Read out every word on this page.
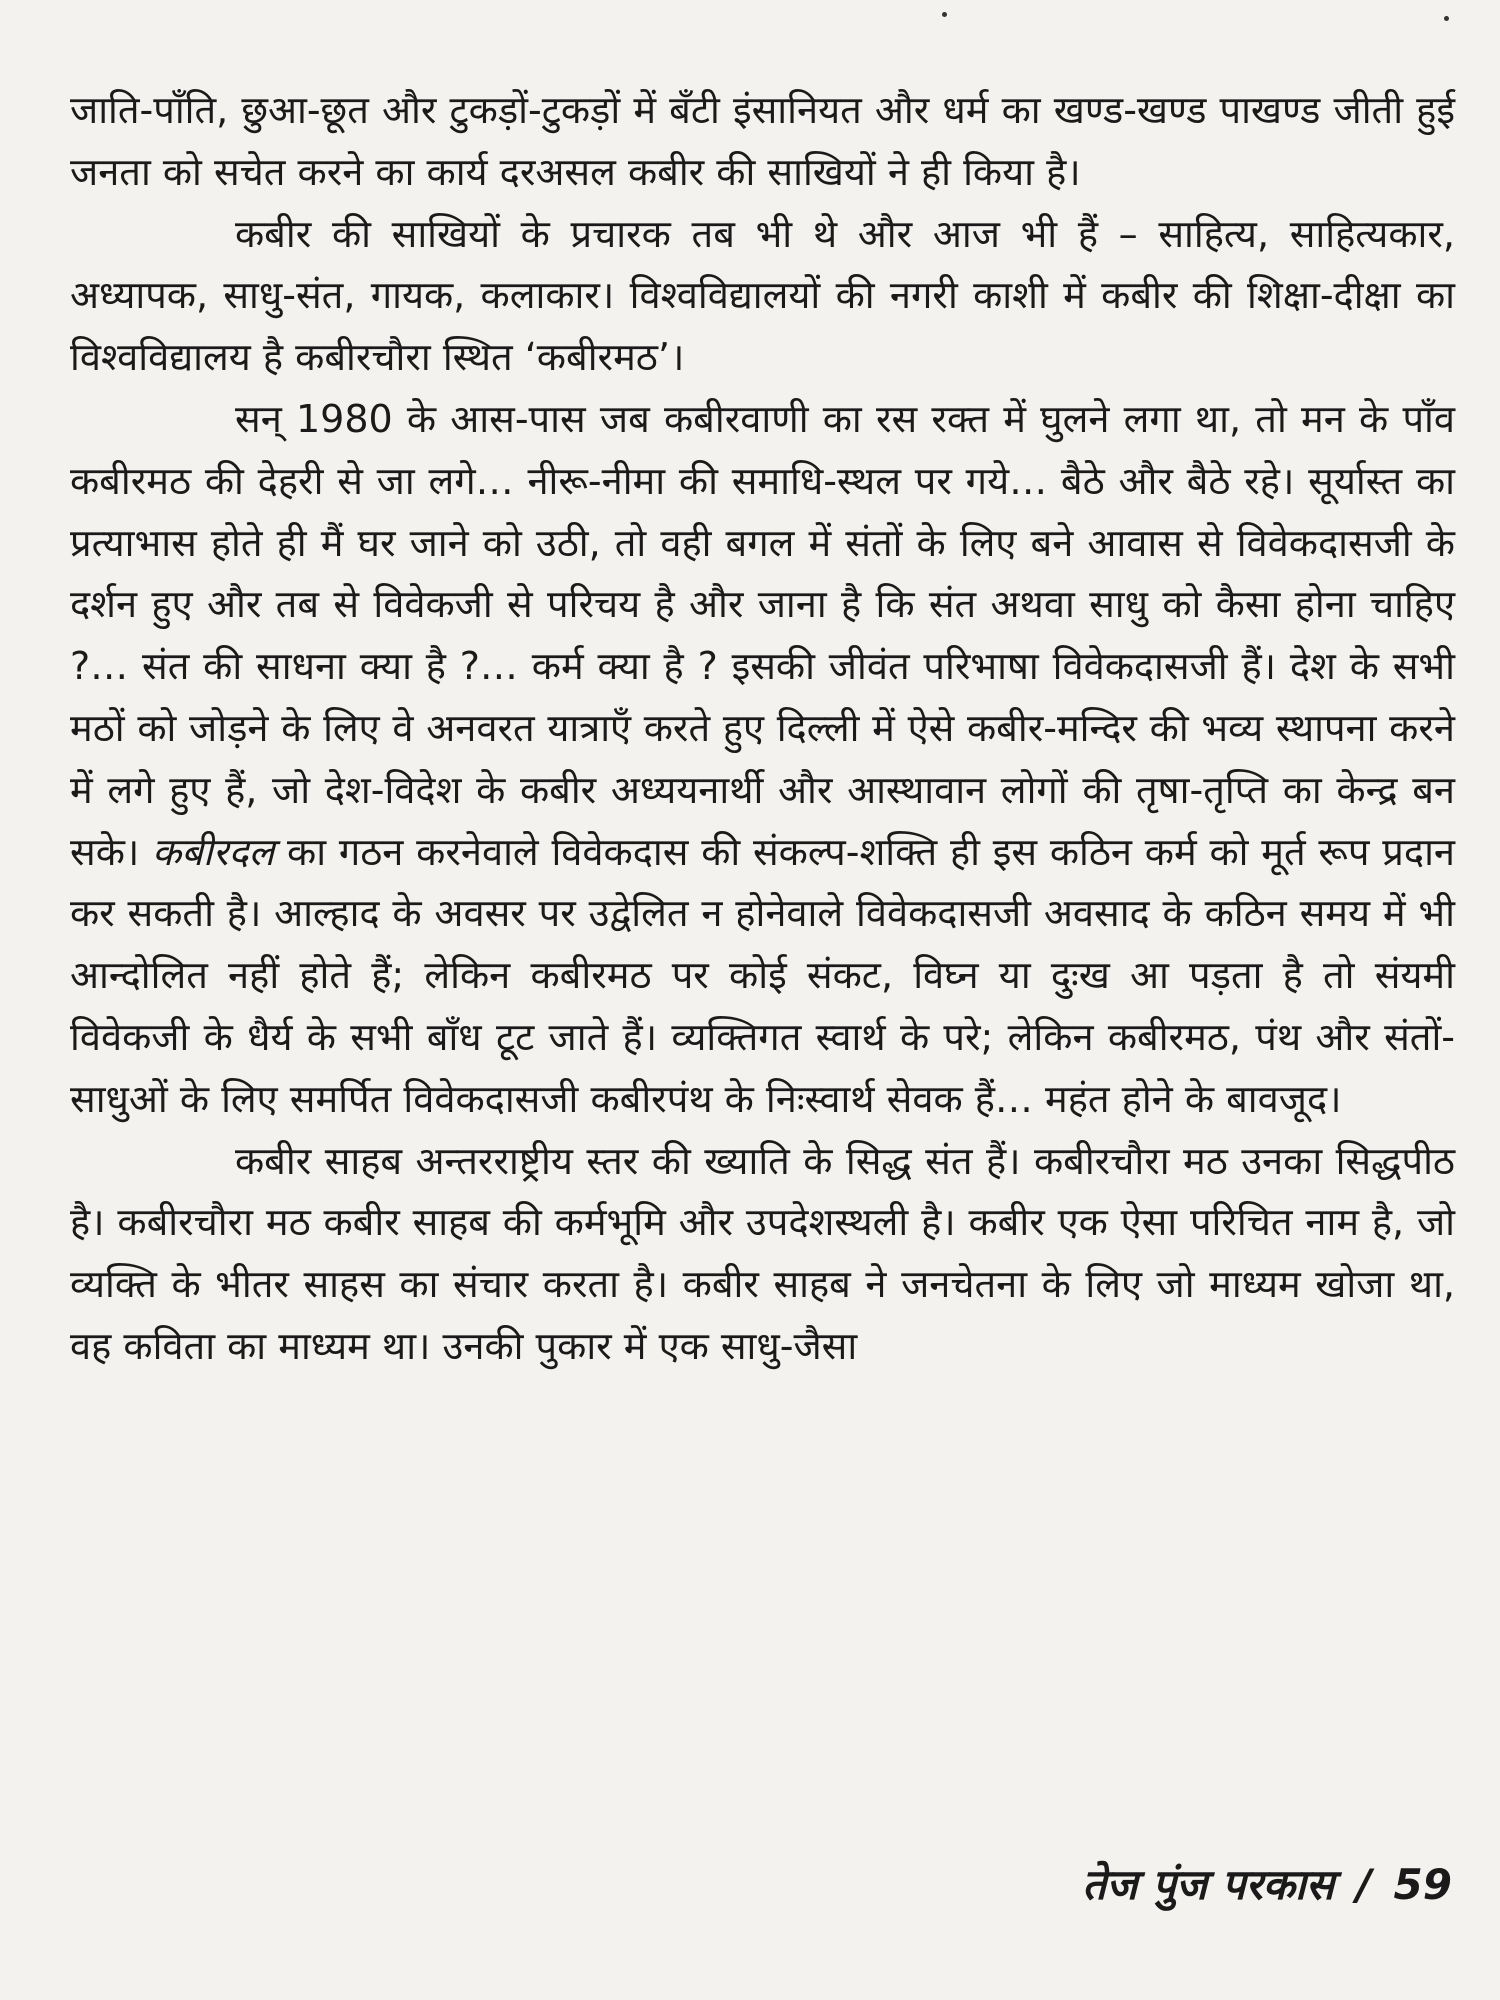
जाति-पाँति, छुआ-छूत और टुकड़ों-टुकड़ों में बँटी इंसानियत और धर्म का खण्ड-खण्ड पाखण्ड जीती हुई जनता को सचेत करने का कार्य दरअसल कबीर की साखियों ने ही किया है।

कबीर की साखियों के प्रचारक तब भी थे और आज भी हैं – साहित्य, साहित्यकार, अध्यापक, साधु-संत, गायक, कलाकार। विश्वविद्यालयों की नगरी काशी में कबीर की शिक्षा-दीक्षा का विश्वविद्यालय है कबीरचौरा स्थित ‘कबीरमठ’।

सन् 1980 के आस-पास जब कबीरवाणी का रस रक्त में घुलने लगा था, तो मन के पाँव कबीरमठ की देहरी से जा लगे… नीरू-नीमा की समाधि-स्थल पर गये… बैठे और बैठे रहे। सूर्यास्त का प्रत्याभास होते ही मैं घर जाने को उठी, तो वही बगल में संतों के लिए बने आवास से विवेकदासजी के दर्शन हुए और तब से विवेकजी से परिचय है और जाना है कि संत अथवा साधु को कैसा होना चाहिए ?… संत की साधना क्या है ?… कर्म क्या है ? इसकी जीवंत परिभाषा विवेकदासजी हैं। देश के सभी मठों को जोड़ने के लिए वे अनवरत यात्राएँ करते हुए दिल्ली में ऐसे कबीर-मन्दिर की भव्य स्थापना करने में लगे हुए हैं, जो देश-विदेश के कबीर अध्ययनार्थी और आस्थावान लोगों की तृषा-तृप्ति का केन्द्र बन सके। कबीरदल का गठन करनेवाले विवेकदास की संकल्प-शक्ति ही इस कठिन कर्म को मूर्त रूप प्रदान कर सकती है। आल्हाद के अवसर पर उद्वेलित न होनेवाले विवेकदासजी अवसाद के कठिन समय में भी आन्दोलित नहीं होते हैं; लेकिन कबीरमठ पर कोई संकट, विघ्न या दुःख आ पड़ता है तो संयमी विवेकजी के धैर्य के सभी बाँध टूट जाते हैं। व्यक्तिगत स्वार्थ के परे; लेकिन कबीरमठ, पंथ और संतों-साधुओं के लिए समर्पित विवेकदासजी कबीरपंथ के निःस्वार्थ सेवक हैं… महंत होने के बावजूद।

कबीर साहब अन्तरराष्ट्रीय स्तर की ख्याति के सिद्ध संत हैं। कबीरचौरा मठ उनका सिद्धपीठ है। कबीरचौरा मठ कबीर साहब की कर्मभूमि और उपदेशस्थली है। कबीर एक ऐसा परिचित नाम है, जो व्यक्ति के भीतर साहस का संचार करता है। कबीर साहब ने जनचेतना के लिए जो माध्यम खोजा था, वह कविता का माध्यम था। उनकी पुकार में एक साधु-जैसा

तेज पुंज परकास / 59
